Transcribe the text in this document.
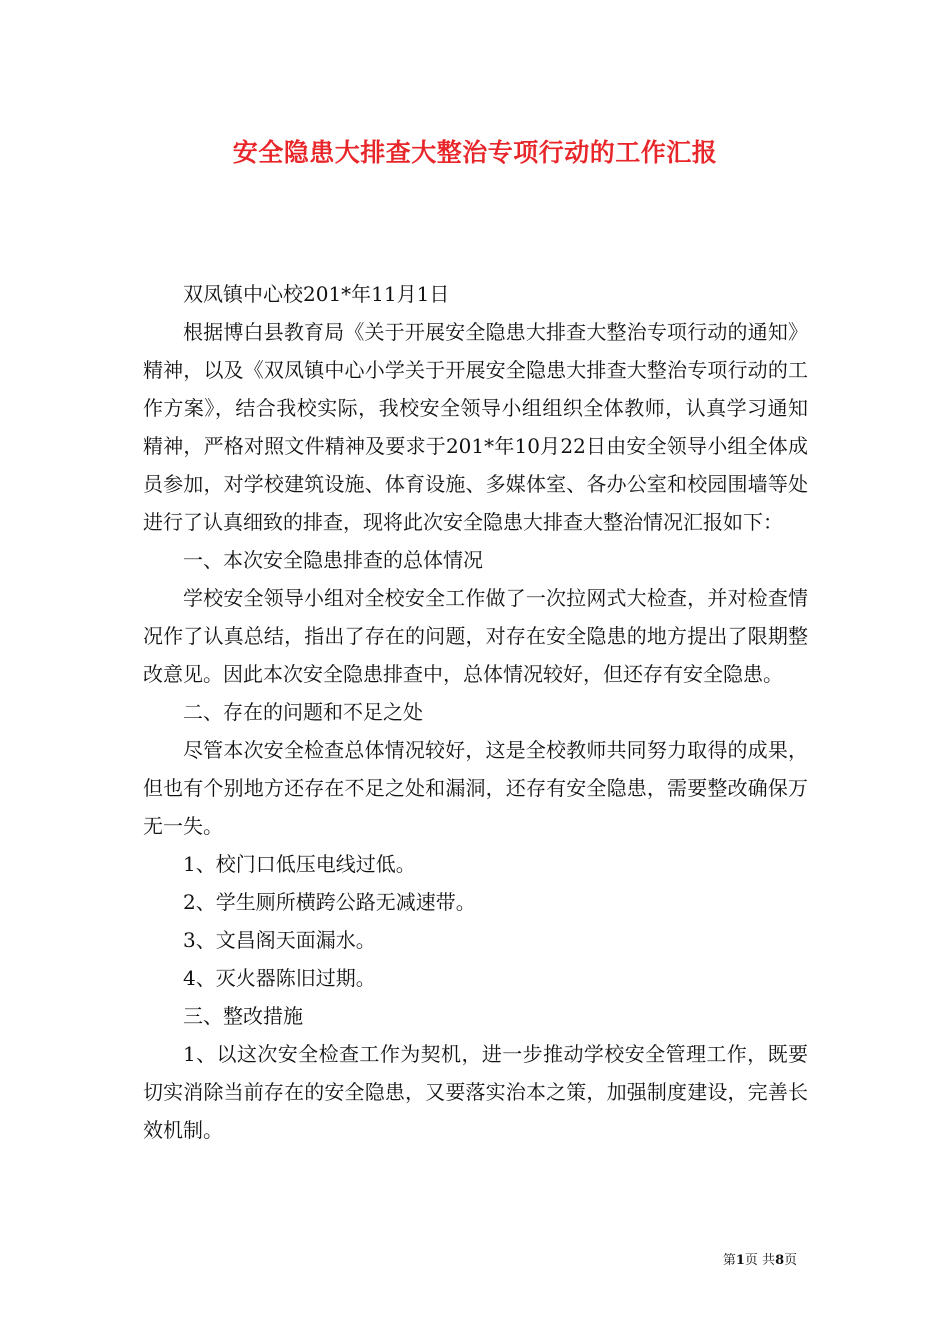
安全隐患大排查大整治专项行动的工作汇报

双凤镇中心校201*年11月1日

根据博白县教育局《关于开展安全隐患大排查大整治专项行动的通知》精神，以及《双凤镇中心小学关于开展安全隐患大排查大整治专项行动的工作方案》，结合我校实际，我校安全领导小组组织全体教师，认真学习通知精神，严格对照文件精神及要求于201*年10月22日由安全领导小组全体成员参加，对学校建筑设施、体育设施、多媒体室、各办公室和校园围墙等处进行了认真细致的排查，现将此次安全隐患大排查大整治情况汇报如下：

一、本次安全隐患排查的总体情况

学校安全领导小组对全校安全工作做了一次拉网式大检查，并对检查情况作了认真总结，指出了存在的问题，对存在安全隐患的地方提出了限期整改意见。因此本次安全隐患排查中，总体情况较好，但还存有安全隐患。

二、存在的问题和不足之处

尽管本次安全检查总体情况较好，这是全校教师共同努力取得的成果，但也有个别地方还存在不足之处和漏洞，还存有安全隐患，需要整改确保万无一失。

1、校门口低压电线过低。

2、学生厕所横跨公路无减速带。

3、文昌阁天面漏水。

4、灭火器陈旧过期。

三、整改措施

1、以这次安全检查工作为契机，进一步推动学校安全管理工作，既要切实消除当前存在的安全隐患，又要落实治本之策，加强制度建设，完善长效机制。

第1页 共8页
